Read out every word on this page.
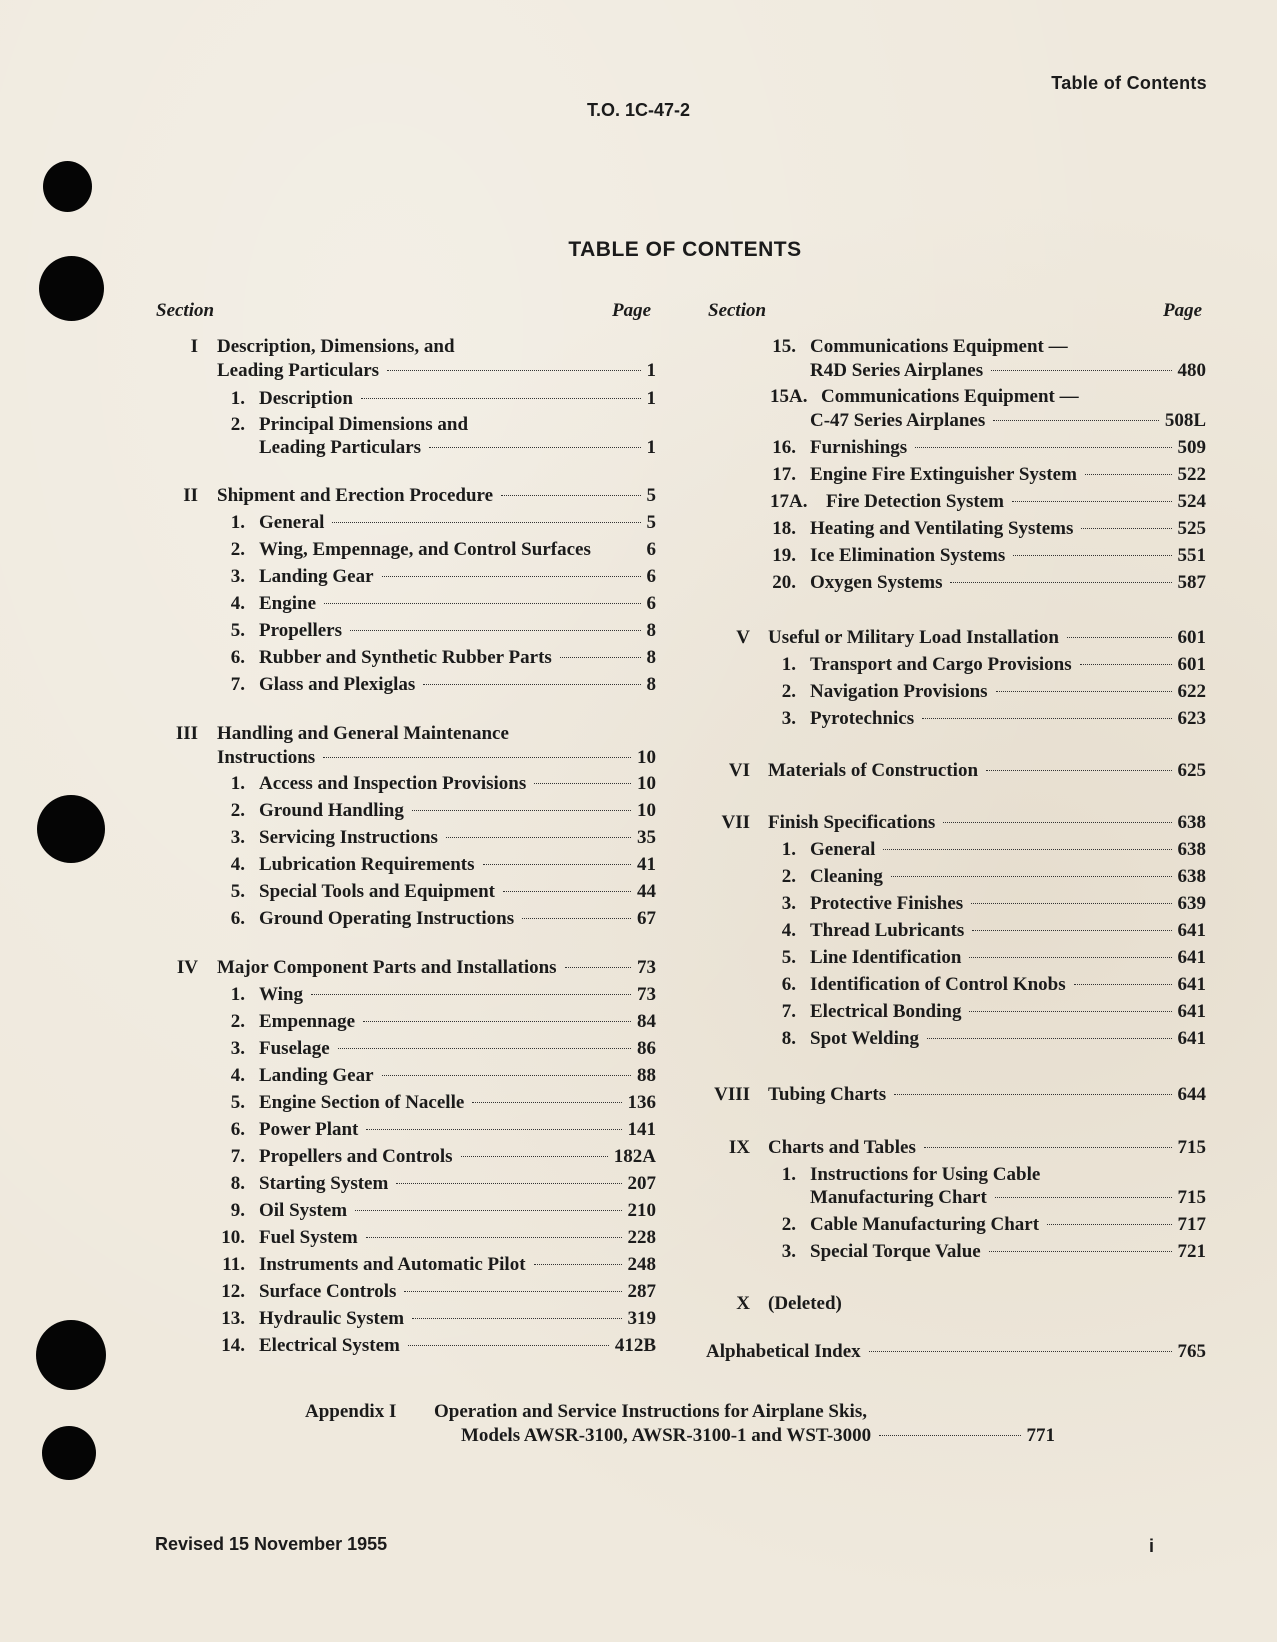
Table of Contents
T.O. 1C-47-2
TABLE OF CONTENTS
Section	Page	Section	Page
I Description, Dimensions, and
Leading Particulars	1
1. Description	1
2. Principal Dimensions and
Leading Particulars	1
II Shipment and Erection Procedure	5
1. General	5
2. Wing, Empennage, and Control Surfaces	6
3. Landing Gear	6
4. Engine	6
5. Propellers	8
6. Rubber and Synthetic Rubber Parts	8
7. Glass and Plexiglas	8
III Handling and General Maintenance
Instructions	10
1. Access and Inspection Provisions	10
2. Ground Handling	10
3. Servicing Instructions	35
4. Lubrication Requirements	41
5. Special Tools and Equipment	44
6. Ground Operating Instructions	67
IV Major Component Parts and Installations	73
1. Wing	73
2. Empennage	84
3. Fuselage	86
4. Landing Gear	88
5. Engine Section of Nacelle	136
6. Power Plant	141
7. Propellers and Controls	182A
8. Starting System	207
9. Oil System	210
10. Fuel System	228
11. Instruments and Automatic Pilot	248
12. Surface Controls	287
13. Hydraulic System	319
14. Electrical System	412B
15. Communications Equipment —
R4D Series Airplanes	480
15A. Communications Equipment —
C-47 Series Airplanes	508L
16. Furnishings	509
17. Engine Fire Extinguisher System	522
17A. Fire Detection System	524
18. Heating and Ventilating Systems	525
19. Ice Elimination Systems	551
20. Oxygen Systems	587
V Useful or Military Load Installation	601
1. Transport and Cargo Provisions	601
2. Navigation Provisions	622
3. Pyrotechnics	623
VI Materials of Construction	625
VII Finish Specifications	638
1. General	638
2. Cleaning	638
3. Protective Finishes	639
4. Thread Lubricants	641
5. Line Identification	641
6. Identification of Control Knobs	641
7. Electrical Bonding	641
8. Spot Welding	641
VIII Tubing Charts	644
IX Charts and Tables	715
1. Instructions for Using Cable
Manufacturing Chart	715
2. Cable Manufacturing Chart	717
3. Special Torque Value	721
X (Deleted)
Alphabetical Index	765
Appendix I Operation and Service Instructions for Airplane Skis,
Models AWSR-3100, AWSR-3100-1 and WST-3000	771
Revised 15 November 1955	i
